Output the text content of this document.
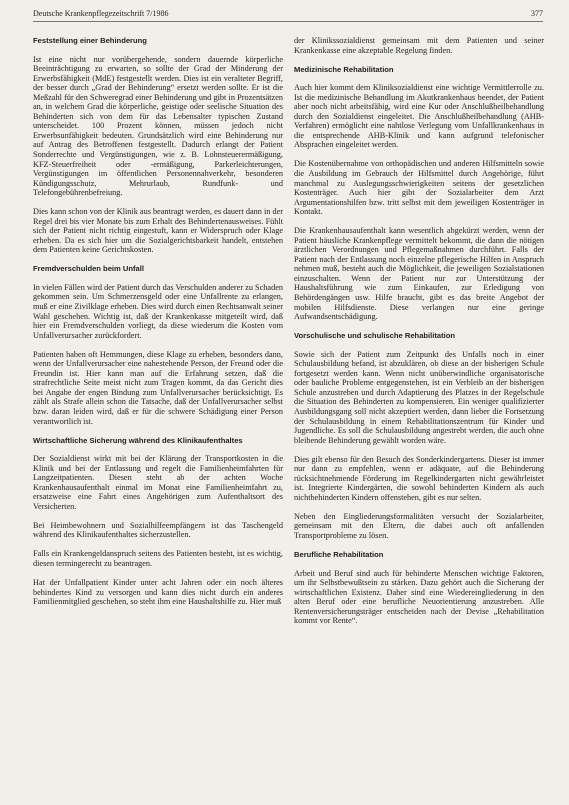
Deutsche Krankenpflegezeitschrift 7/1986	377
Feststellung einer Behinderung

Ist eine nicht nur vorübergehende, sondern dauernde körperliche Beeinträchtigung zu erwarten, so sollte der Grad der Minderung der Erwerbsfähigkeit (MdE) festgestellt werden. Dies ist ein veralteter Begriff, der besser durch „Grad der Behinderung“ ersetzt werden sollte. Er ist die Meßzahl für den Schweregrad einer Behinderung und gibt in Prozentsätzen an, in welchem Grad die körperliche, geistige oder seelische Situation des Behinderten sich von dem für das Lebensalter typischen Zustand unterscheidet. 100 Prozent können, müssen jedoch nicht Erwerbsunfähigkeit bedeuten. Grundsätzlich wird eine Behinderung nur auf Antrag des Betroffenen festgestellt. Dadurch erlangt der Patient Sonderrechte und Vergünstigungen, wie z. B. Lohnsteuerermäßigung, KFZ-Steuerfreiheit oder -ermäßigung, Parkerleichterungen, Vergünstigungen im öffentlichen Personennahverkehr, besonderen Kündigungsschutz, Mehrurlaub, Rundfunk- und Telefongebührenbefreiung.

Dies kann schon von der Klinik aus beantragt werden, es dauert dann in der Regel drei bis vier Monate bis zum Erhalt des Behindertenausweises. Fühlt sich der Patient nicht richtig eingestuft, kann er Widerspruch oder Klage erheben. Da es sich hier um die Sozialgerichtsbarkeit handelt, entstehen dem Patienten keine Gerichtskosten.

Fremdverschulden beim Unfall

In vielen Fällen wird der Patient durch das Verschulden anderer zu Schaden gekommen sein. Um Schmerzensgeld oder eine Unfallrente zu erlangen, muß er eine Zivilklage erheben. Dies wird durch einen Rechtsanwalt seiner Wahl geschehen. Wichtig ist, daß der Krankenkasse mitgeteilt wird, daß hier ein Fremdverschulden vorliegt, da diese wiederum die Kosten vom Unfallverursacher zurückfordert.

Patienten haben oft Hemmungen, diese Klage zu erheben, besonders dann, wenn der Unfallverursacher eine nahestehende Person, der Freund oder die Freundin ist. Hier kann man auf die Erfahrung setzen, daß die strafrechtliche Seite meist nicht zum Tragen kommt, da das Gericht dies bei Angabe der engen Bindung zum Unfallverursacher berücksichtigt. Es zählt als Strafe allein schon die Tatsache, daß der Unfallverursacher selbst bzw. daran leiden wird, daß er für die schwere Schädigung einer Person verantwortlich ist.

Wirtschaftliche Sicherung während des Klinikaufenthaltes

Der Sozialdienst wirkt mit bei der Klärung der Transportkosten in die Klinik und bei der Entlassung und regelt die Familienheimfahrten für Langzeitpatienten. Diesen steht ab der achten Woche Krankenhausaufenthalt einmal im Monat eine Familienheimfahrt zu, ersatzweise eine Fahrt eines Angehörigen zum Aufenthaltsort des Versicherten.

Bei Heimbewohnern und Sozialhilfeempfängern ist das Taschengeld während des Klinikaufenthaltes sicherzustellen.

Falls ein Krankengeldanspruch seitens des Patienten besteht, ist es wichtig, diesen termingerecht zu beantragen.

Hat der Unfallpatient Kinder unter acht Jahren oder ein noch älteres behindertes Kind zu versorgen und kann dies nicht durch ein anderes Familienmitglied geschehen, so steht ihm eine Haushaltshilfe zu. Hier muß

der Klinikssozialdienst gemeinsam mit dem Patienten und seiner Krankenkasse eine akzeptable Regelung finden.

Medizinische Rehabilitation

Auch hier kommt dem Kliniksozialdienst eine wichtige Vermittlerrolle zu. Ist die medizinische Behandlung im Akutkrankenhaus beendet, der Patient aber noch nicht arbeitsfähig, wird eine Kur oder Anschlußheilbehandlung durch den Sozialdienst eingeleitet. Die Anschlußheilbehandlung (AHB-Verfahren) ermöglicht eine nahtlose Verlegung vom Unfallkrankenhaus in die entsprechende AHB-Klinik und kann aufgrund telefonischer Absprachen eingeleitet werden.

Die Kostenübernahme von orthopädischen und anderen Hilfsmitteln sowie die Ausbildung im Gebrauch der Hilfsmittel durch Angehörige, führt manchmal zu Auslegungsschwierigkeiten seitens der gesetzlichen Kostenträger. Auch hier gibt der Sozialarbeiter dem Arzt Argumentationshilfen bzw. tritt selbst mit dem jeweiligen Kostenträger in Kontakt.

Die Krankenhausaufenthalt kann wesentlich abgekürzt werden, wenn der Patient häusliche Krankenpflege vermittelt bekommt, die dann die nötigen ärztlichen Verordnungen und Pflegemaßnahmen durchführt. Falls der Patient nach der Entlassung noch einzelne pflegerische Hilfen in Anspruch nehmen muß, besteht auch die Möglichkeit, die jeweiligen Sozialstationen einzuschalten. Wenn der Patient nur zur Unterstützung der Haushaltsführung wie zum Einkaufen, zur Erledigung von Behördengängen usw. Hilfe braucht, gibt es das breite Angebot der mobilen Hilfsdienste. Diese verlangen nur eine geringe Aufwandsentschädigung.

Vorschulische und schulische Rehabilitation

Sowie sich der Patient zum Zeitpunkt des Unfalls noch in einer Schulausbildung befand, ist abzuklären, ob diese an der bisherigen Schule fortgesetzt werden kann. Wenn nicht unüberwindliche organisatorische oder bauliche Probleme entgegenstehen, ist ein Verbleib an der bisherigen Schule anzustreben und durch Adaptierung des Platzes in der Regelschule die Situation des Behinderten zu kompensieren. Ein weniger qualifizierter Ausbildungsgang soll nicht akzeptiert werden, dann lieber die Fortsetzung der Schulausbildung in einem Rehabilitationszentrum für Kinder und Jugendliche. Es soll die Schulausbildung angestrebt werden, die auch ohne bleibende Behinderung gewählt worden wäre.

Dies gilt ebenso für den Besuch des Sonderkindergartens. Dieser ist immer nur dann zu empfehlen, wenn er adäquate, auf die Behinderung rücksichtnehmende Förderung im Regelkindergarten nicht gewährleistet ist. Integrierte Kindergärten, die sowohl behinderten Kindern als auch nichtbehinderten Kindern offenstehen, gibt es nur selten.

Neben den Eingliederungsformalitäten versucht der Sozialarbeiter, gemeinsam mit den Eltern, die dabei auch oft anfallenden Transportprobleme zu lösen.

Berufliche Rehabilitation

Arbeit und Beruf sind auch für behinderte Menschen wichtige Faktoren, um ihr Selbstbewußtsein zu stärken. Dazu gehört auch die Sicherung der wirtschaftlichen Existenz. Daher sind eine Wiedereingliederung in den alten Beruf oder eine berufliche Neuorientierung anzustreben. Alle Rentenversicherungsträger entscheiden nach der Devise „Rehabilitation kommt vor Rente“.
